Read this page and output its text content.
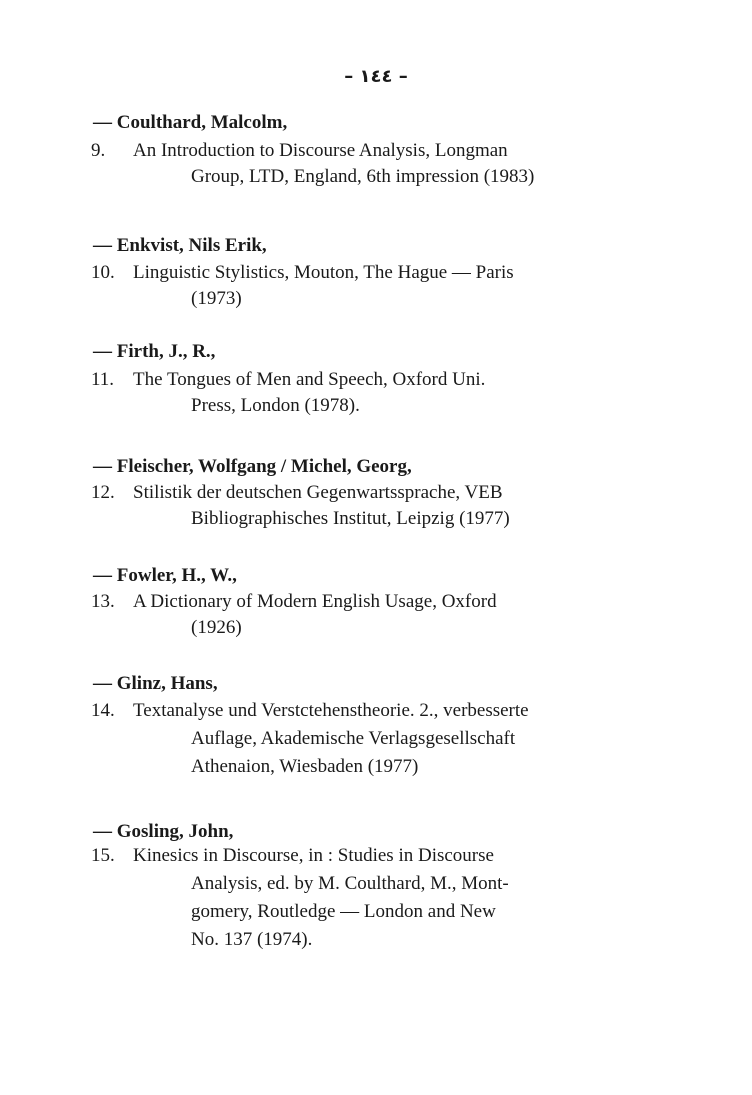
– ١٤٤ –
— Coulthard, Malcolm,
9. An Introduction to Discourse Analysis, Longman
Group, LTD, England, 6th impression (1983)
— Enkvist, Nils Erik,
10. Linguistic Stylistics, Mouton, The Hague — Paris
(1973)
— Firth, J., R.,
11. The Tongues of Men and Speech, Oxford Uni.
Press, London (1978).
— Fleischer, Wolfgang / Michel, Georg,
12. Stilistik der deutschen Gegenwartssprache, VEB
Bibliographisches Institut, Leipzig (1977)
— Fowler, H., W.,
13. A Dictionary of Modern English Usage, Oxford
(1926)
— Glinz, Hans,
14. Textanalyse und Verstctehenstheorie. 2., verbesserte
Auflage, Akademische Verlagsgesellschaft
Athenaion, Wiesbaden (1977)
— Gosling, John,
15. Kinesics in Discourse, in : Studies in Discourse
Analysis, ed. by M. Coulthard, M., Mont-
gomery, Routledge — London and New
No. 137 (1974).
